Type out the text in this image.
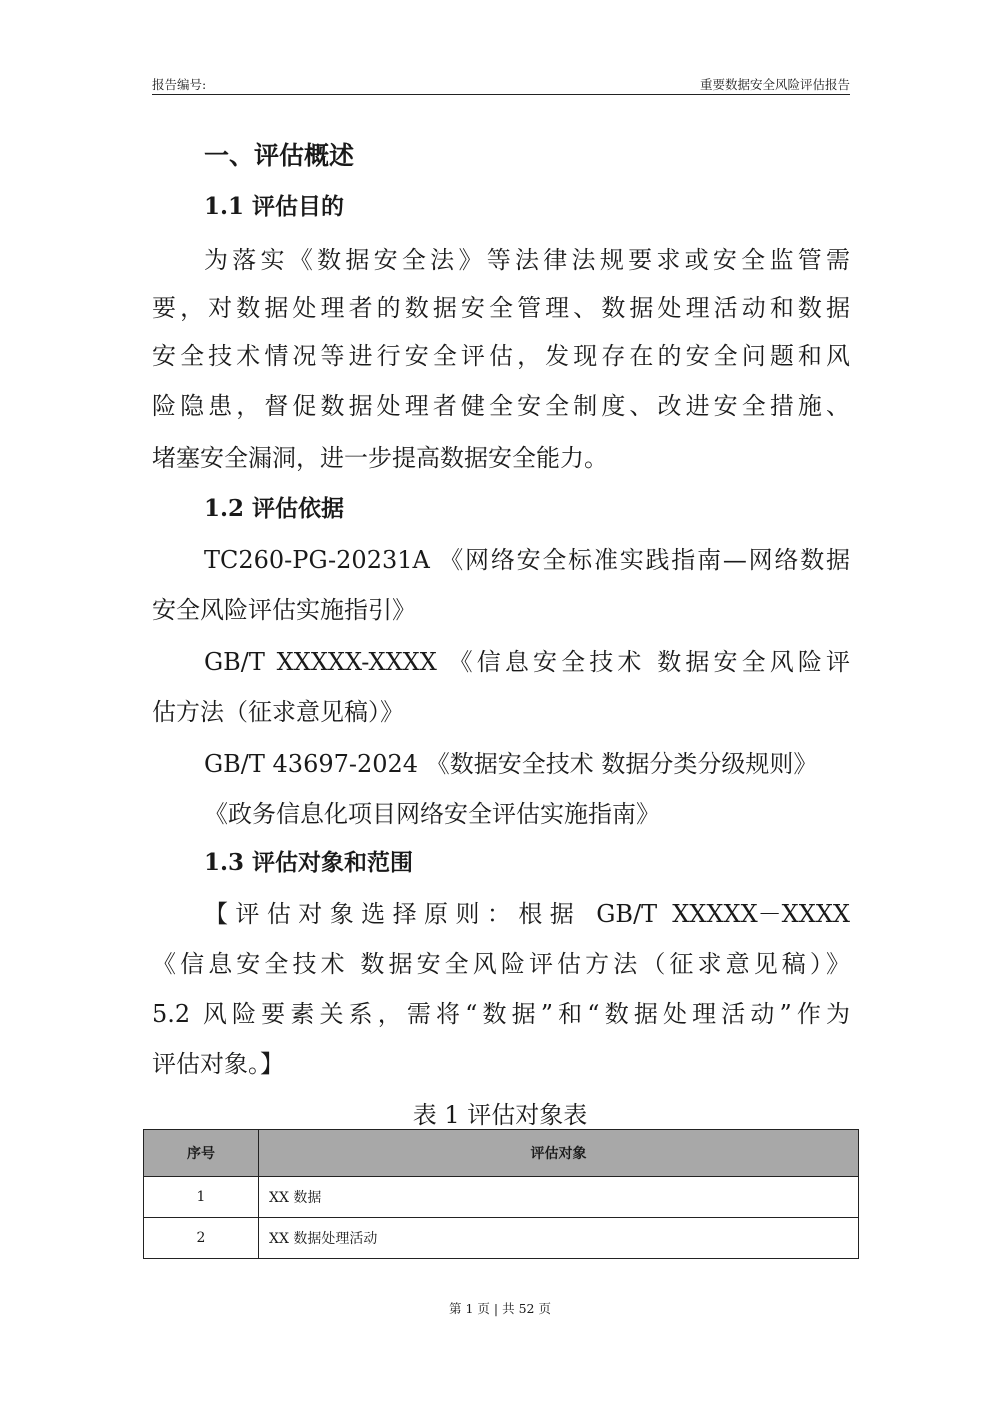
报告编号:	重要数据安全风险评估报告
一、评估概述
1.1 评估目的
为落实《数据安全法》等法律法规要求或安全监管需
要，对数据处理者的数据安全管理、数据处理活动和数据
安全技术情况等进行安全评估，发现存在的安全问题和风
险隐患，督促数据处理者健全安全制度、改进安全措施、
堵塞安全漏洞，进一步提高数据安全能力。
1.2 评估依据
TC260-PG-20231A 《网络安全标准实践指南—网络数据
安全风险评估实施指引》
GB/T XXXXX-XXXX 《信息安全技术 数据安全风险评
估方法（征求意见稿）》
GB/T 43697-2024 《数据安全技术 数据分类分级规则》
《政务信息化项目网络安全评估实施指南》
1.3 评估对象和范围
【评估对象选择原则：根据 GB/T XXXXX－XXXX
《信息安全技术 数据安全风险评估方法（征求意见稿）》
5.2 风险要素关系，需将“数据”和“数据处理活动”作为
评估对象。】
表 1 评估对象表
序号	评估对象
1	XX 数据
2	XX 数据处理活动
第 1 页 | 共 52 页
